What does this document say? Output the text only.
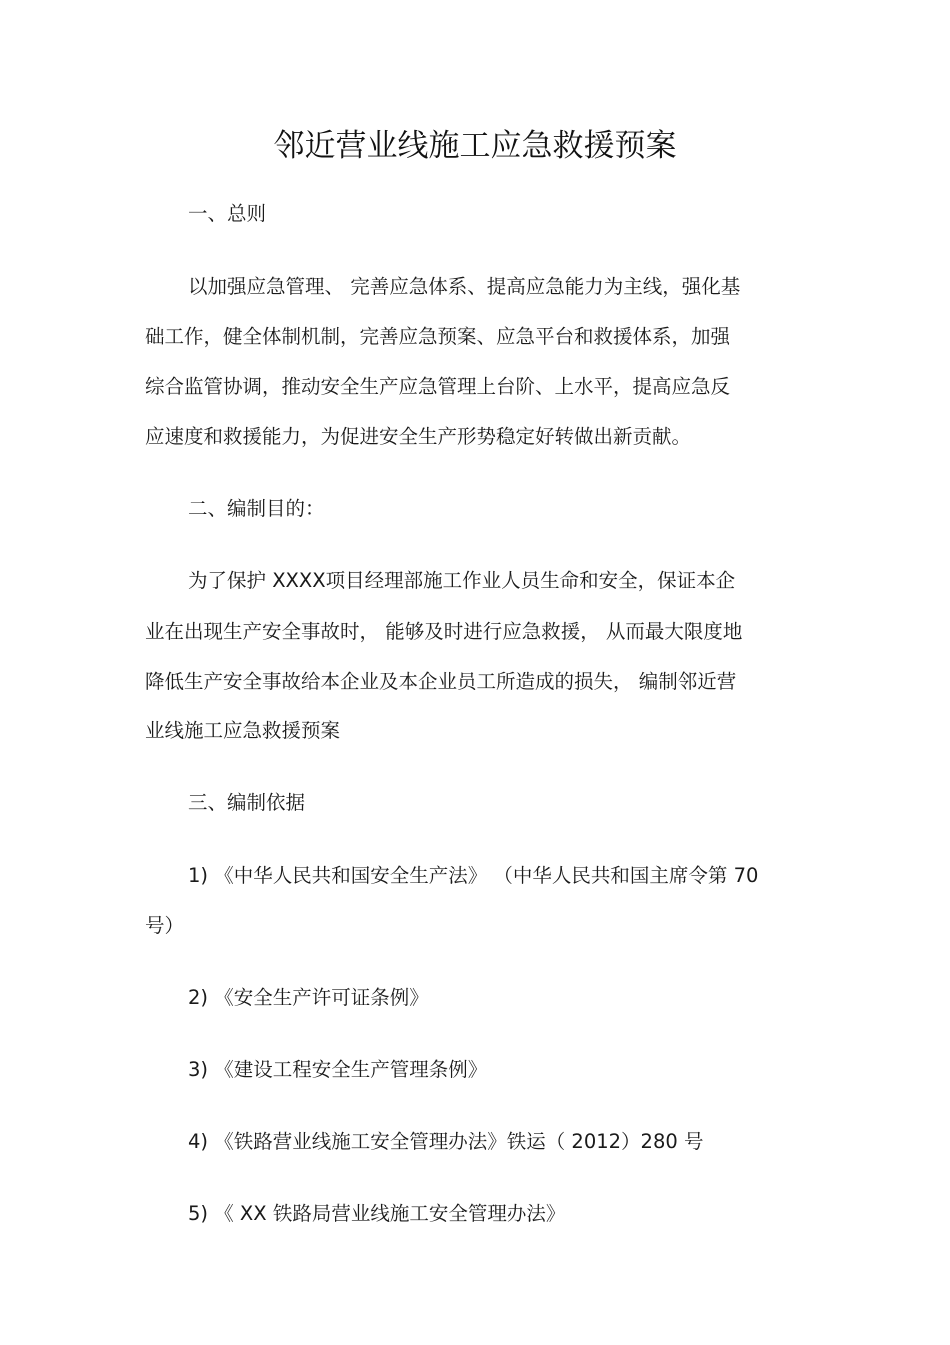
邻近营业线施工应急救援预案
一、总则
以加强应急管理、 完善应急体系、提高应急能力为主线，强化基
础工作，健全体制机制，完善应急预案、应急平台和救援体系，加强
综合监管协调，推动安全生产应急管理上台阶、上水平，提高应急反
应速度和救援能力，为促进安全生产形势稳定好转做出新贡献。
二、编制目的：
为了保护 XXXX项目经理部施工作业人员生命和安全，保证本企
业在出现生产安全事故时， 能够及时进行应急救援， 从而最大限度地
降低生产安全事故给本企业及本企业员工所造成的损失， 编制邻近营
业线施工应急救援预案
三、编制依据
1) 《中华人民共和国安全生产法》 （中华人民共和国主席令第 70
号）
2) 《安全生产许可证条例》
3) 《建设工程安全生产管理条例》
4) 《铁路营业线施工安全管理办法》铁运（ 2012）280 号
5) 《 XX 铁路局营业线施工安全管理办法》
